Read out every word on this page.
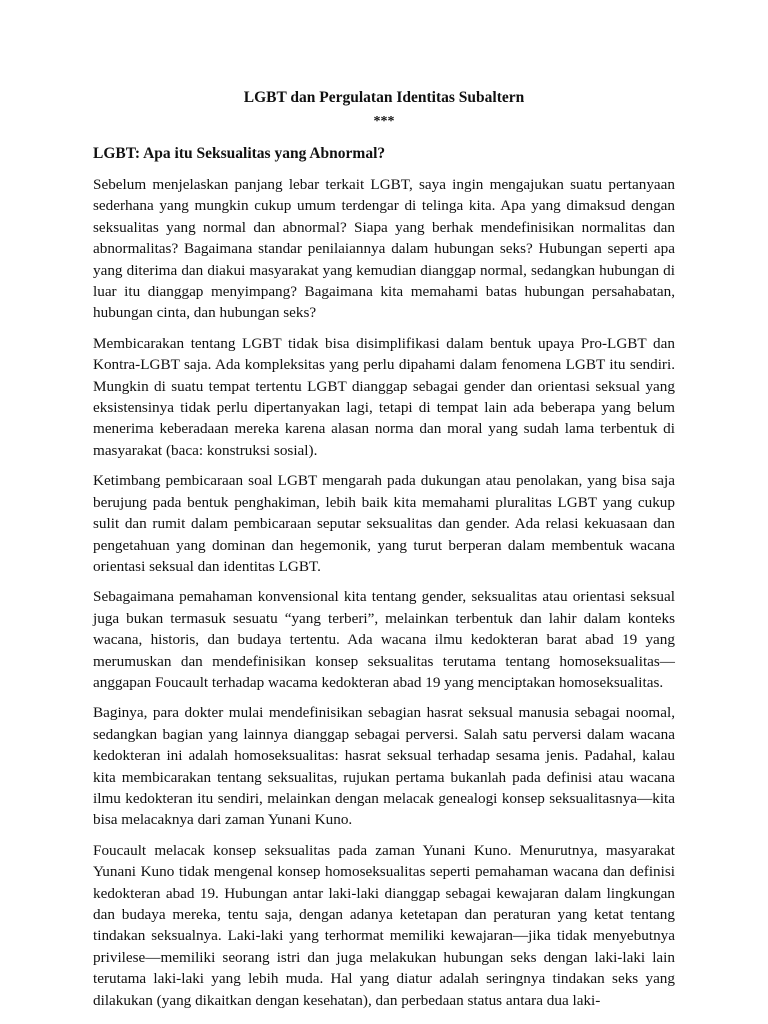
LGBT dan Pergulatan Identitas Subaltern
***
LGBT: Apa itu Seksualitas yang Abnormal?

Sebelum menjelaskan panjang lebar terkait LGBT, saya ingin mengajukan suatu pertanyaan sederhana yang mungkin cukup umum terdengar di telinga kita. Apa yang dimaksud dengan seksualitas yang normal dan abnormal? Siapa yang berhak mendefinisikan normalitas dan abnormalitas? Bagaimana standar penilaiannya dalam hubungan seks? Hubungan seperti apa yang diterima dan diakui masyarakat yang kemudian dianggap normal, sedangkan hubungan di luar itu dianggap menyimpang? Bagaimana kita memahami batas hubungan persahabatan, hubungan cinta, dan hubungan seks?

Membicarakan tentang LGBT tidak bisa disimplifikasi dalam bentuk upaya Pro-LGBT dan Kontra-LGBT saja. Ada kompleksitas yang perlu dipahami dalam fenomena LGBT itu sendiri. Mungkin di suatu tempat tertentu LGBT dianggap sebagai gender dan orientasi seksual yang eksistensinya tidak perlu dipertanyakan lagi, tetapi di tempat lain ada beberapa yang belum menerima keberadaan mereka karena alasan norma dan moral yang sudah lama terbentuk di masyarakat (baca: konstruksi sosial).

Ketimbang pembicaraan soal LGBT mengarah pada dukungan atau penolakan, yang bisa saja berujung pada bentuk penghakiman, lebih baik kita memahami pluralitas LGBT yang cukup sulit dan rumit dalam pembicaraan seputar seksualitas dan gender. Ada relasi kekuasaan dan pengetahuan yang dominan dan hegemonik, yang turut berperan dalam membentuk wacana orientasi seksual dan identitas LGBT.

Sebagaimana pemahaman konvensional kita tentang gender, seksualitas atau orientasi seksual juga bukan termasuk sesuatu “yang terberi”, melainkan terbentuk dan lahir dalam konteks wacana, historis, dan budaya tertentu. Ada wacana ilmu kedokteran barat abad 19 yang merumuskan dan mendefinisikan konsep seksualitas terutama tentang homoseksualitas—anggapan Foucault terhadap wacama kedokteran abad 19 yang menciptakan homoseksualitas.

Baginya, para dokter mulai mendefinisikan sebagian hasrat seksual manusia sebagai noomal, sedangkan bagian yang lainnya dianggap sebagai perversi. Salah satu perversi dalam wacana kedokteran ini adalah homoseksualitas: hasrat seksual terhadap sesama jenis. Padahal, kalau kita membicarakan tentang seksualitas, rujukan pertama bukanlah pada definisi atau wacana ilmu kedokteran itu sendiri, melainkan dengan melacak genealogi konsep seksualitasnya—kita bisa melacaknya dari zaman Yunani Kuno.

Foucault melacak konsep seksualitas pada zaman Yunani Kuno. Menurutnya, masyarakat Yunani Kuno tidak mengenal konsep homoseksualitas seperti pemahaman wacana dan definisi kedokteran abad 19. Hubungan antar laki-laki dianggap sebagai kewajaran dalam lingkungan dan budaya mereka, tentu saja, dengan adanya ketetapan dan peraturan yang ketat tentang tindakan seksualnya. Laki-laki yang terhormat memiliki kewajaran—jika tidak menyebutnya privilese—memiliki seorang istri dan juga melakukan hubungan seks dengan laki-laki lain terutama laki-laki yang lebih muda. Hal yang diatur adalah seringnya tindakan seks yang dilakukan (yang dikaitkan dengan kesehatan), dan perbedaan status antara dua laki-
